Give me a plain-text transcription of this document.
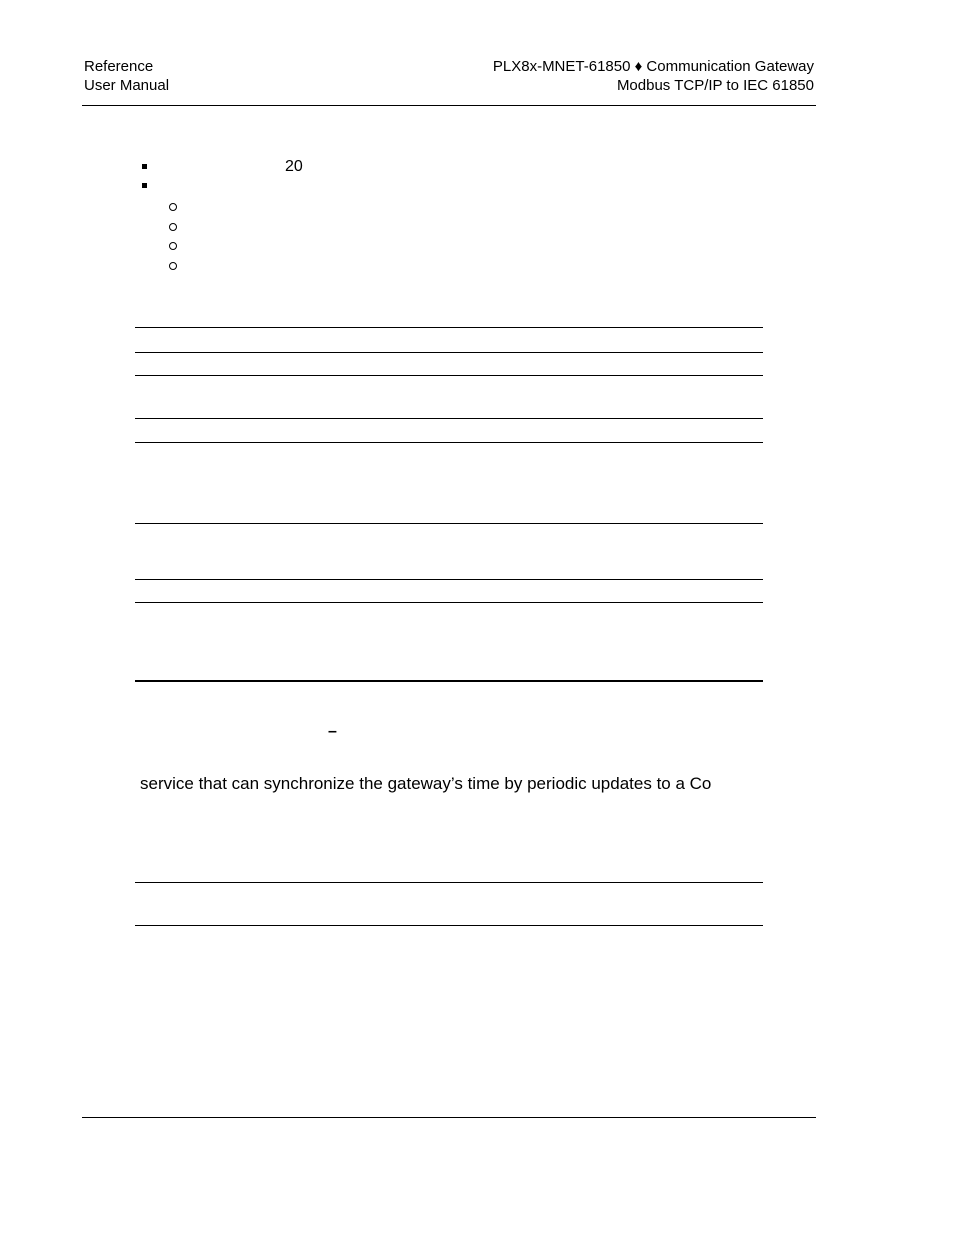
Reference
User Manual
PLX8x-MNET-61850 ♦ Communication Gateway
Modbus TCP/IP to IEC 61850
20
–
service that can synchronize the gateway’s time by periodic updates to a Co
